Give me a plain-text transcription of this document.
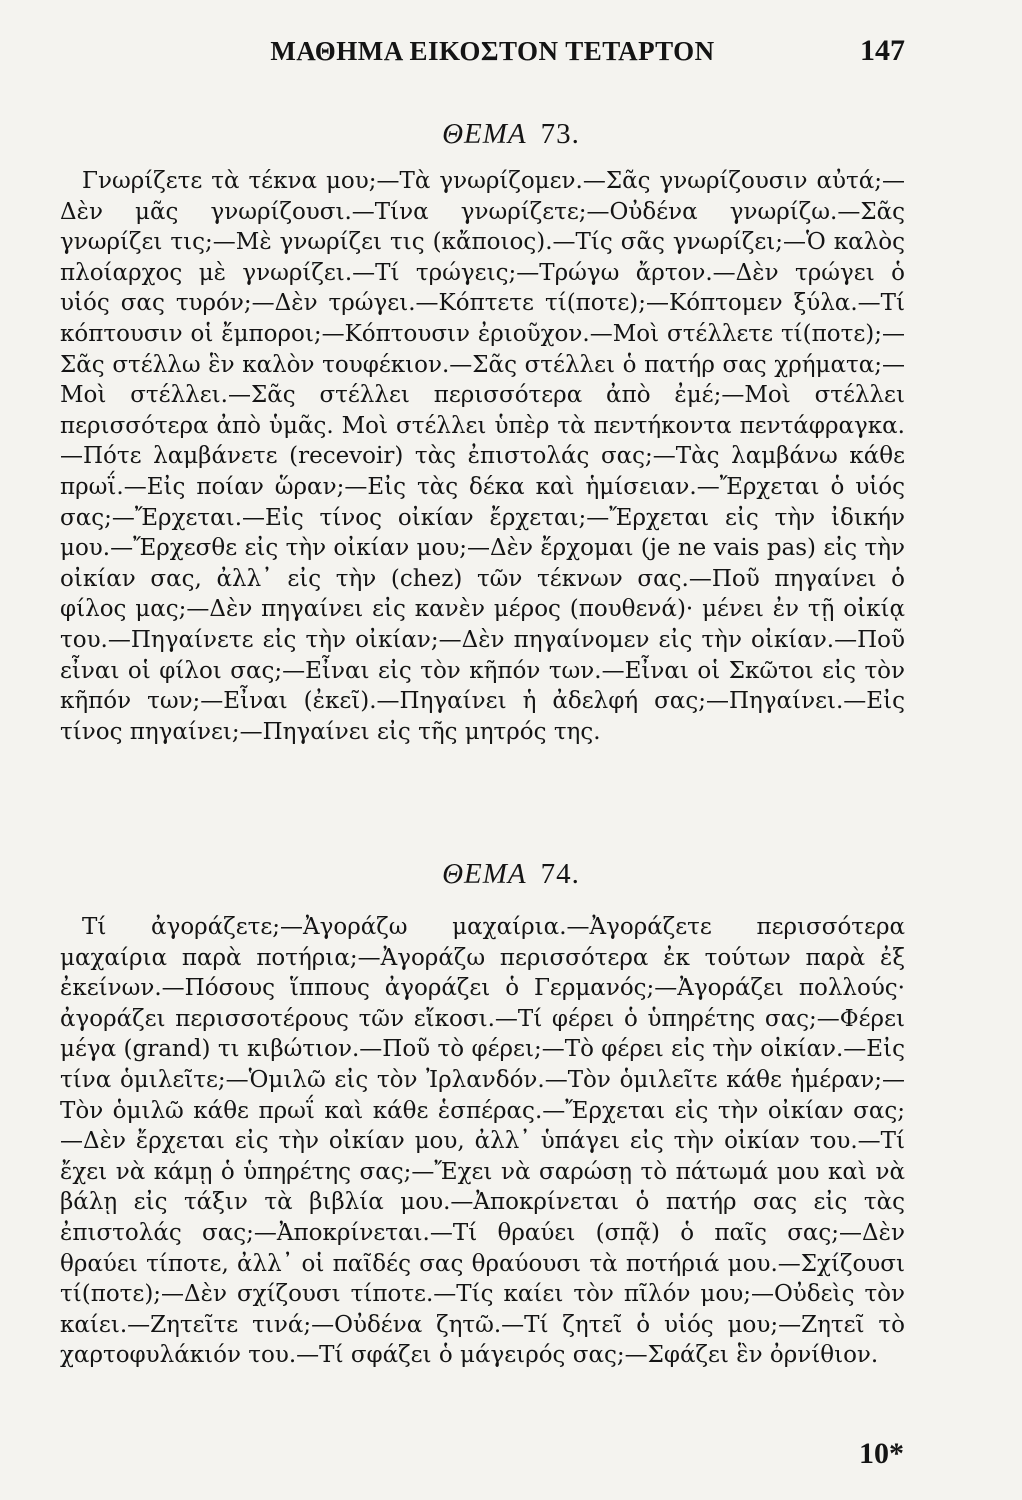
ΜΑΘΗΜΑ ΕΙΚΟΣΤΟΝ ΤΕΤΑΡΤΟΝ	147
ΘΕΜΑ 73.
Γνωρίζετε τὰ τέκνα μου;—Τὰ γνωρίζομεν.—Σᾶς γνωρίζουσιν αὐτά;—Δὲν μᾶς γνωρίζουσι.—Τίνα γνωρίζετε;—Οὐδένα γνωρίζω.—Σᾶς γνωρίζει τις;—Μὲ γνωρίζει τις (κἄποιος).—Τίς σᾶς γνωρίζει;—Ὁ καλὸς πλοίαρχος μὲ γνωρίζει.—Τί τρώγεις;—Τρώγω ἄρτον.—Δὲν τρώγει ὁ υἱός σας τυρόν;—Δὲν τρώγει.—Κόπτετε τί(ποτε);—Κόπτομεν ξύλα.—Τί κόπτουσιν οἱ ἔμποροι;—Κόπτουσιν ἐριοῦχον.—Μοὶ στέλλετε τί(ποτε);—Σᾶς στέλλω ἓν καλὸν τουφέκιον.—Σᾶς στέλλει ὁ πατήρ σας χρήματα;—Μοὶ στέλλει.—Σᾶς στέλλει περισσότερα ἀπὸ ἐμέ;—Μοὶ στέλλει περισσότερα ἀπὸ ὑμᾶς. Μοὶ στέλλει ὑπὲρ τὰ πεντήκοντα πεντάφραγκα.—Πότε λαμβάνετε (recevoir) τὰς ἐπιστολάς σας;—Τὰς λαμβάνω κάθε πρωΐ.—Εἰς ποίαν ὥραν;—Εἰς τὰς δέκα καὶ ἡμίσειαν.—Ἔρχεται ὁ υἱός σας;—Ἔρχεται.—Εἰς τίνος οἰκίαν ἔρχεται;—Ἔρχεται εἰς τὴν ἰδικήν μου.—Ἔρχεσθε εἰς τὴν οἰκίαν μου;—Δὲν ἔρχομαι (je ne vais pas) εἰς τὴν οἰκίαν σας, ἀλλ᾽ εἰς τὴν (chez) τῶν τέκνων σας.—Ποῦ πηγαίνει ὁ φίλος μας;—Δὲν πηγαίνει εἰς κανὲν μέρος (πουθενά)· μένει ἐν τῇ οἰκίᾳ του.—Πηγαίνετε εἰς τὴν οἰκίαν;—Δὲν πηγαίνομεν εἰς τὴν οἰκίαν.—Ποῦ εἶναι οἱ φίλοι σας;—Εἶναι εἰς τὸν κῆπόν των.—Εἶναι οἱ Σκῶτοι εἰς τὸν κῆπόν των;—Εἶναι (ἐκεῖ).—Πηγαίνει ἡ ἀδελφή σας;—Πηγαίνει.—Εἰς τίνος πηγαίνει;—Πηγαίνει εἰς τῆς μητρός της.
ΘΕΜΑ 74.
Τί ἀγοράζετε;—Ἀγοράζω μαχαίρια.—Ἀγοράζετε περισσότερα μαχαίρια παρὰ ποτήρια;—Ἀγοράζω περισσότερα ἐκ τούτων παρὰ ἐξ ἐκείνων.—Πόσους ἵππους ἀγοράζει ὁ Γερμανός;—Ἀγοράζει πολλούς· ἀγοράζει περισσοτέρους τῶν εἴκοσι.—Τί φέρει ὁ ὑπηρέτης σας;—Φέρει μέγα (grand) τι κιβώτιον.—Ποῦ τὸ φέρει;—Τὸ φέρει εἰς τὴν οἰκίαν.—Εἰς τίνα ὁμιλεῖτε;—Ὁμιλῶ εἰς τὸν Ἰρλανδόν.—Τὸν ὁμιλεῖτε κάθε ἡμέραν;—Τὸν ὁμιλῶ κάθε πρωΐ καὶ κάθε ἑσπέρας.—Ἔρχεται εἰς τὴν οἰκίαν σας;—Δὲν ἔρχεται εἰς τὴν οἰκίαν μου, ἀλλ᾽ ὑπάγει εἰς τὴν οἰκίαν του.—Τί ἔχει νὰ κάμῃ ὁ ὑπηρέτης σας;—Ἔχει νὰ σαρώσῃ τὸ πάτωμά μου καὶ νὰ βάλῃ εἰς τάξιν τὰ βιβλία μου.—Ἀποκρίνεται ὁ πατήρ σας εἰς τὰς ἐπιστολάς σας;—Ἀποκρίνεται.—Τί θραύει (σπᾷ) ὁ παῖς σας;—Δὲν θραύει τίποτε, ἀλλ᾽ οἱ παῖδές σας θραύουσι τὰ ποτήριά μου.—Σχίζουσι τί(ποτε);—Δὲν σχίζουσι τίποτε.—Τίς καίει τὸν πῖλόν μου;—Οὐδεὶς τὸν καίει.—Ζητεῖτε τινά;—Οὐδένα ζητῶ.—Τί ζητεῖ ὁ υἱός μου;—Ζητεῖ τὸ χαρτοφυλάκιόν του.—Τί σφάζει ὁ μάγειρός σας;—Σφάζει ἓν ὀρνίθιον.
10*
